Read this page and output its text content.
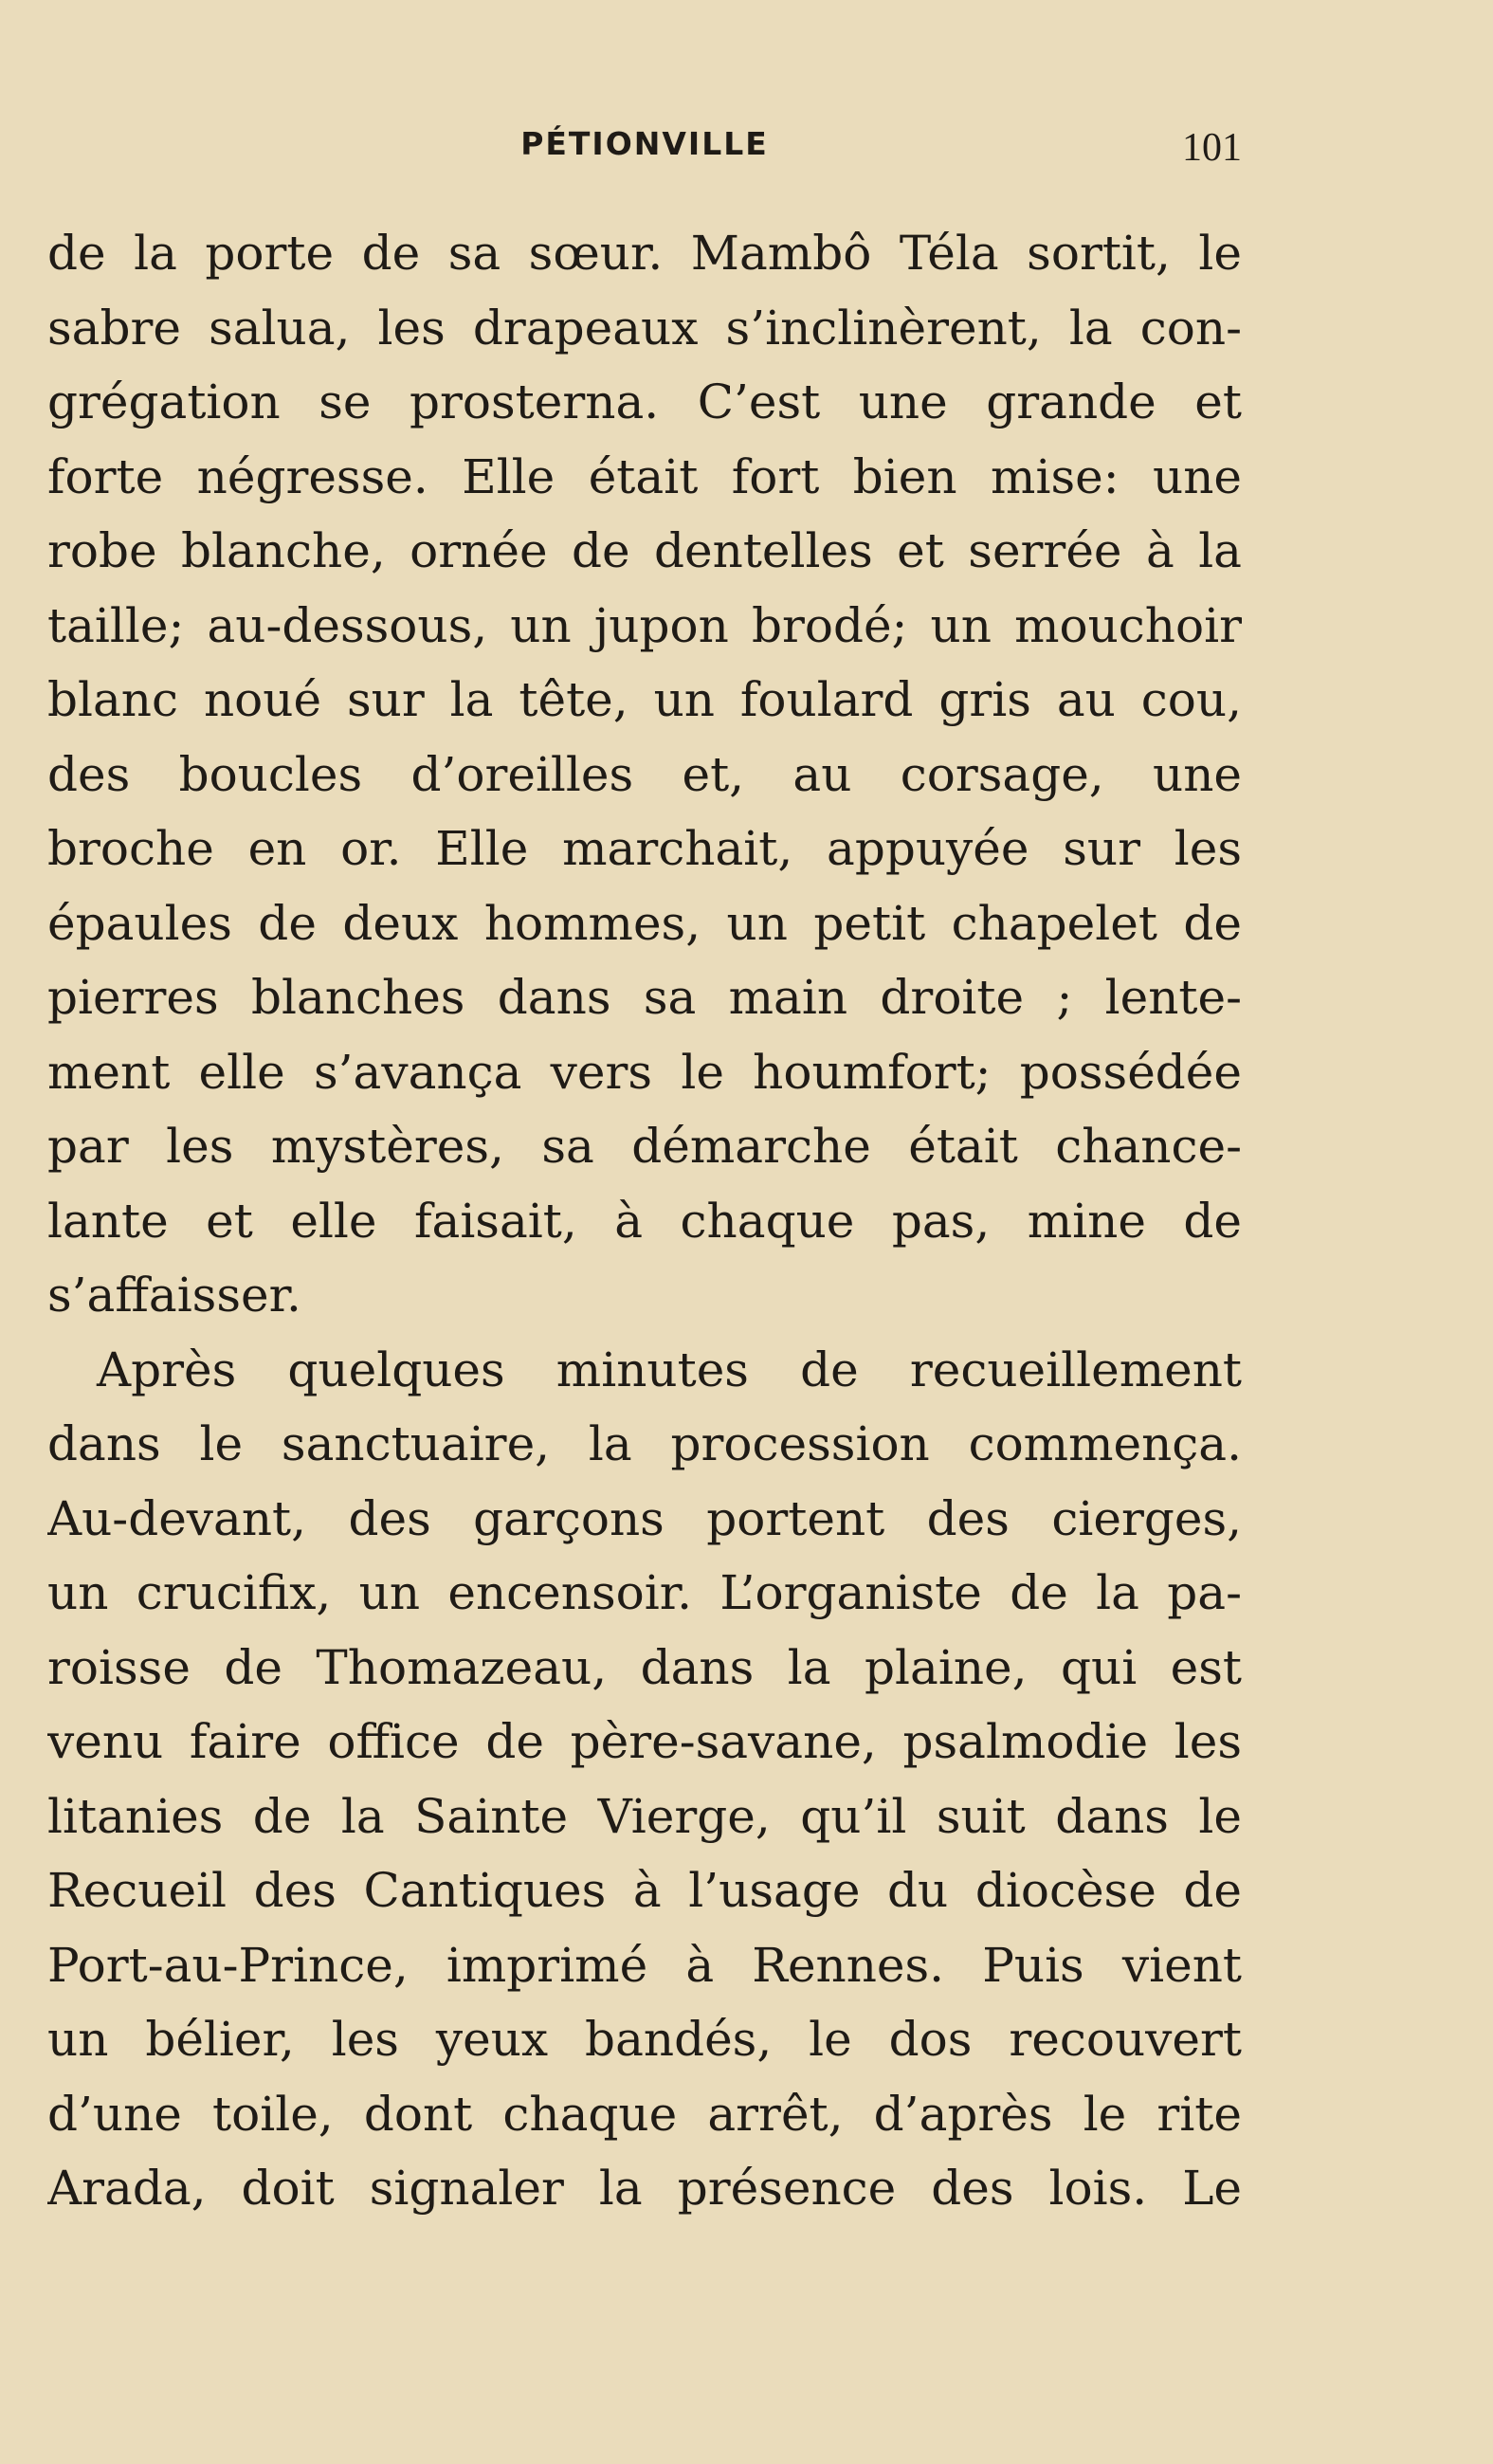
PÉTIONVILLE	101
de la porte de sa sœur. Mambô Téla sortit, le
sabre salua, les drapeaux s’inclinèrent, la con-
grégation se prosterna. C’est une grande et
forte négresse. Elle était fort bien mise: une
robe blanche, ornée de dentelles et serrée à la
taille; au-dessous, un jupon brodé; un mouchoir
blanc noué sur la tête, un foulard gris au cou,
des boucles d’oreilles et, au corsage, une
broche en or. Elle marchait, appuyée sur les
épaules de deux hommes, un petit chapelet de
pierres blanches dans sa main droite ; lente-
ment elle s’avança vers le houmfort; possédée
par les mystères, sa démarche était chance-
lante et elle faisait, à chaque pas, mine de
s’affaisser.
Après quelques minutes de recueillement
dans le sanctuaire, la procession commença.
Au-devant, des garçons portent des cierges,
un crucifix, un encensoir. L’organiste de la pa-
roisse de Thomazeau, dans la plaine, qui est
venu faire office de père-savane, psalmodie les
litanies de la Sainte Vierge, qu’il suit dans le
Recueil des Cantiques à l’usage du diocèse de
Port-au-Prince, imprimé à Rennes. Puis vient
un bélier, les yeux bandés, le dos recouvert
d’une toile, dont chaque arrêt, d’après le rite
Arada, doit signaler la présence des lois. Le
